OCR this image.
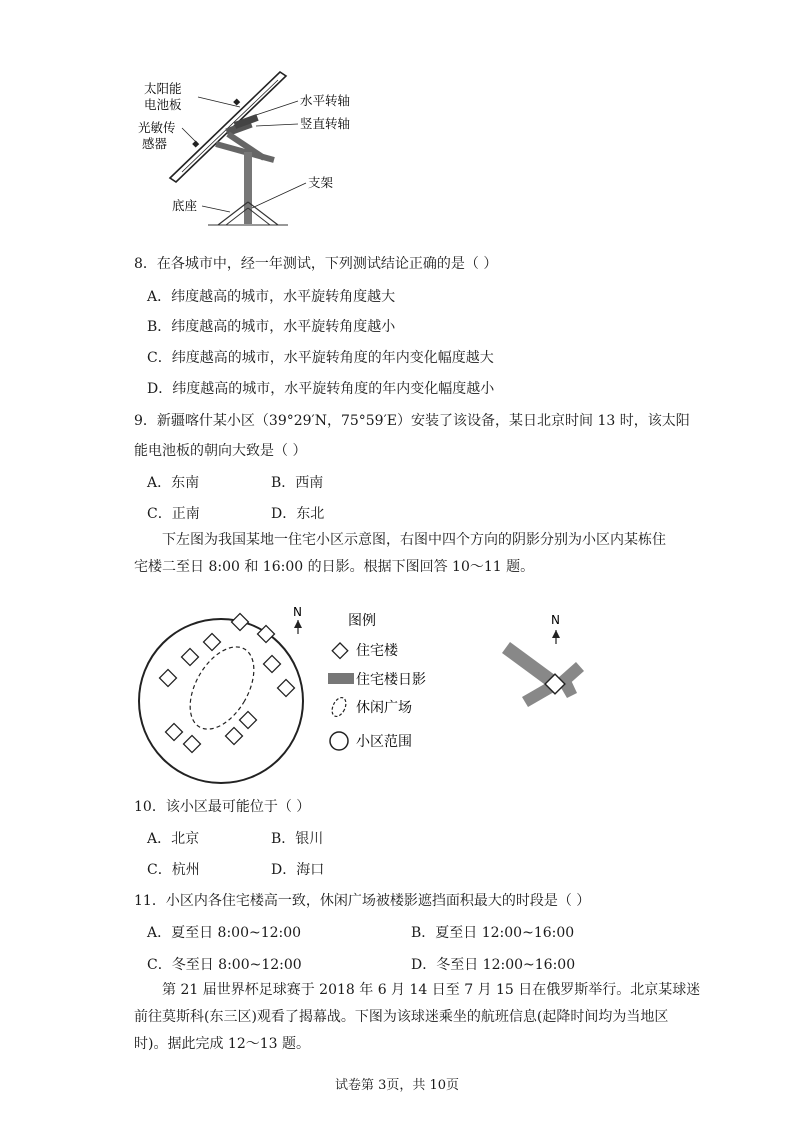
太阳能
电池板
光敏传
感器
水平转轴
竖直转轴
支架
底座
8．在各城市中，经一年测试，下列测试结论正确的是（ ）
A．纬度越高的城市，水平旋转角度越大
B．纬度越高的城市，水平旋转角度越小
C．纬度越高的城市，水平旋转角度的年内变化幅度越大
D．纬度越高的城市，水平旋转角度的年内变化幅度越小
9．新疆喀什某小区（39°29′N，75°59′E）安装了该设备，某日北京时间 13 时，该太阳
能电池板的朝向大致是（ ）
A．东南	B．西南
C．正南	D．东北
下左图为我国某地一住宅小区示意图，右图中四个方向的阴影分别为小区内某栋住
宅楼二至日 8:00 和 16:00 的日影。根据下图回答 10～11 题。
N
图例
住宅楼
住宅楼日影
休闲广场
小区范围
N
10．该小区最可能位于（ ）
A．北京	B．银川
C．杭州	D．海口
11．小区内各住宅楼高一致，休闲广场被楼影遮挡面积最大的时段是（ ）
A．夏至日 8:00~12:00	B．夏至日 12:00~16:00
C．冬至日 8:00~12:00	D．冬至日 12:00~16:00
第 21 届世界杯足球赛于 2018 年 6 月 14 日至 7 月 15 日在俄罗斯举行。北京某球迷
前往莫斯科(东三区)观看了揭幕战。下图为该球迷乘坐的航班信息(起降时间均为当地区
时)。据此完成 12～13 题。
试卷第 3页，共 10页
